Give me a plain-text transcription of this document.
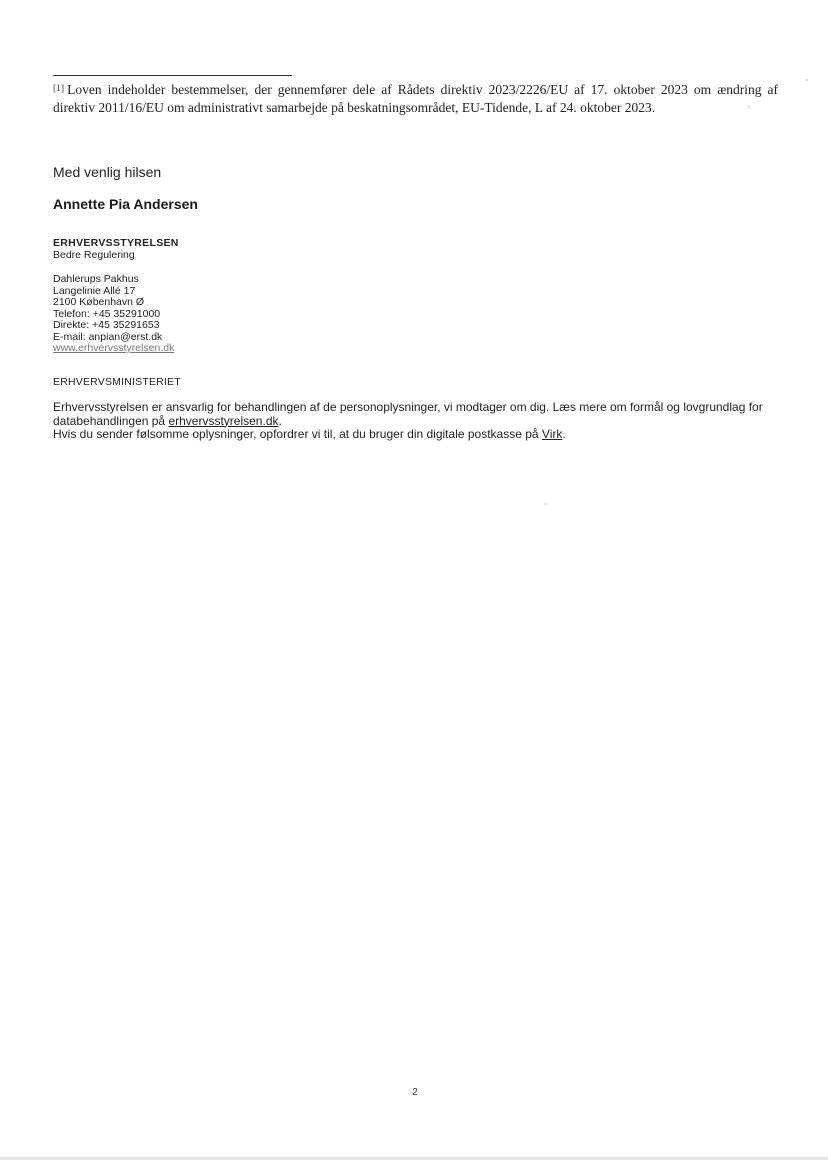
[1] Loven indeholder bestemmelser, der gennemfører dele af Rådets direktiv 2023/2226/EU af 17. oktober 2023 om ændring af direktiv 2011/16/EU om administrativt samarbejde på beskatningsområdet, EU-Tidende, L af 24. oktober 2023.
Med venlig hilsen
Annette Pia Andersen
ERHVERVSSTYRELSEN
Bedre Regulering
Dahlerups Pakhus
Langelinie Allé 17
2100 København Ø
Telefon: +45 35291000
Direkte: +45 35291653
E-mail: anpian@erst.dk
www.erhvervsstyrelsen.dk
ERHVERVSMINISTERIET
Erhvervsstyrelsen er ansvarlig for behandlingen af de personoplysninger, vi modtager om dig. Læs mere om formål og lovgrundlag for databehandlingen på erhvervsstyrelsen.dk.
Hvis du sender følsomme oplysninger, opfordrer vi til, at du bruger din digitale postkasse på Virk.
2
